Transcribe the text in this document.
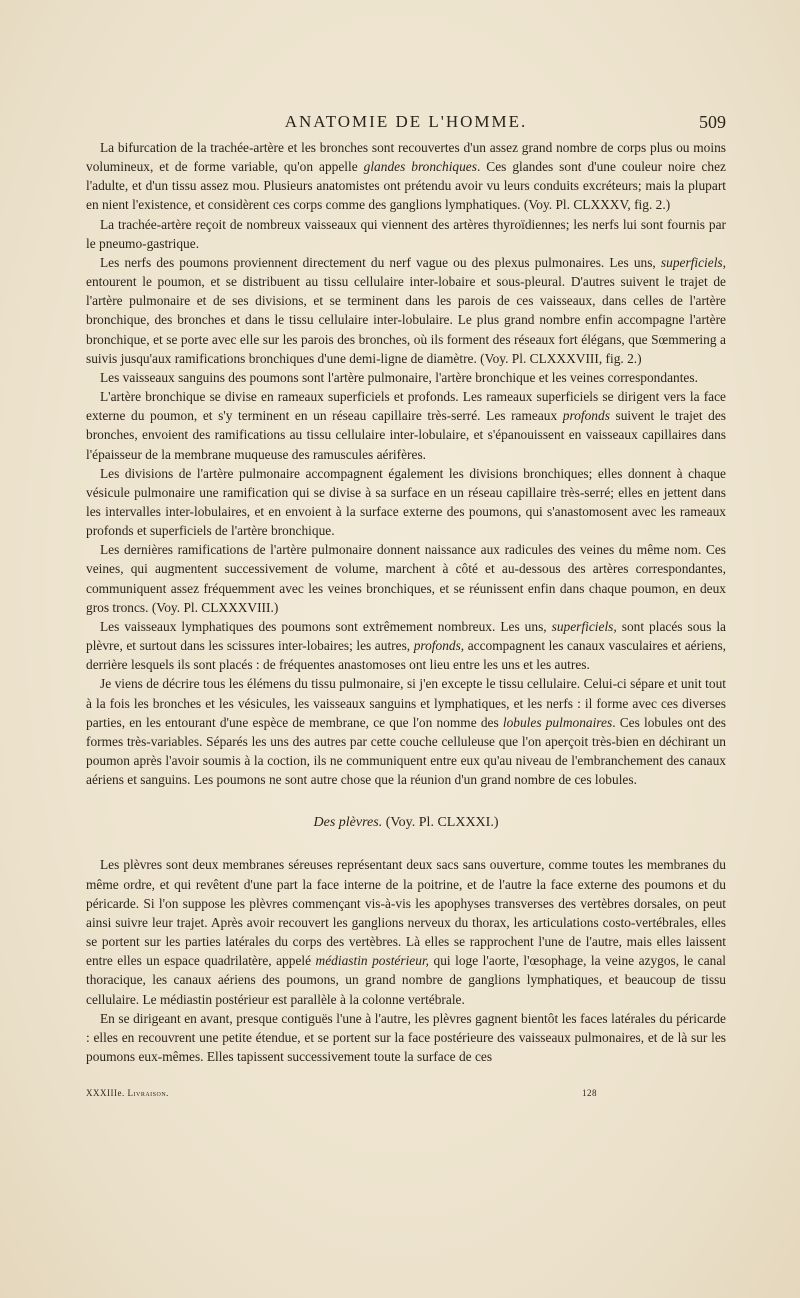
ANATOMIE DE L'HOMME.	509

La bifurcation de la trachée-artère et les bronches sont recouvertes d'un assez grand nombre de corps plus ou moins volumineux, et de forme variable, qu'on appelle glandes bronchiques. Ces glandes sont d'une couleur noire chez l'adulte, et d'un tissu assez mou. Plusieurs anatomistes ont prétendu avoir vu leurs conduits excréteurs; mais la plupart en nient l'existence, et considèrent ces corps comme des ganglions lymphatiques. (Voy. Pl. CLXXXV, fig. 2.)

La trachée-artère reçoit de nombreux vaisseaux qui viennent des artères thyroïdiennes; les nerfs lui sont fournis par le pneumo-gastrique.

Les nerfs des poumons proviennent directement du nerf vague ou des plexus pulmonaires. Les uns, superficiels, entourent le poumon, et se distribuent au tissu cellulaire inter-lobaire et sous-pleural. D'autres suivent le trajet de l'artère pulmonaire et de ses divisions, et se terminent dans les parois de ces vaisseaux, dans celles de l'artère bronchique, des bronches et dans le tissu cellulaire inter-lobulaire. Le plus grand nombre enfin accompagne l'artère bronchique, et se porte avec elle sur les parois des bronches, où ils forment des réseaux fort élégans, que Sœmmering a suivis jusqu'aux ramifications bronchiques d'une demi-ligne de diamètre. (Voy. Pl. CLXXXVIII, fig. 2.)

Les vaisseaux sanguins des poumons sont l'artère pulmonaire, l'artère bronchique et les veines correspondantes.

L'artère bronchique se divise en rameaux superficiels et profonds. Les rameaux superficiels se dirigent vers la face externe du poumon, et s'y terminent en un réseau capillaire très-serré. Les rameaux profonds suivent le trajet des bronches, envoient des ramifications au tissu cellulaire inter-lobulaire, et s'épanouissent en vaisseaux capillaires dans l'épaisseur de la membrane muqueuse des ramuscules aérifères.

Les divisions de l'artère pulmonaire accompagnent également les divisions bronchiques; elles donnent à chaque vésicule pulmonaire une ramification qui se divise à sa surface en un réseau capillaire très-serré; elles en jettent dans les intervalles inter-lobulaires, et en envoient à la surface externe des poumons, qui s'anastomosent avec les rameaux profonds et superficiels de l'artère bronchique.

Les dernières ramifications de l'artère pulmonaire donnent naissance aux radicules des veines du même nom. Ces veines, qui augmentent successivement de volume, marchent à côté et au-dessous des artères correspondantes, communiquent assez fréquemment avec les veines bronchiques, et se réunissent enfin dans chaque poumon, en deux gros troncs. (Voy. Pl. CLXXXVIII.)

Les vaisseaux lymphatiques des poumons sont extrêmement nombreux. Les uns, superficiels, sont placés sous la plèvre, et surtout dans les scissures inter-lobaires; les autres, profonds, accompagnent les canaux vasculaires et aériens, derrière lesquels ils sont placés : de fréquentes anastomoses ont lieu entre les uns et les autres.

Je viens de décrire tous les élémens du tissu pulmonaire, si j'en excepte le tissu cellulaire. Celui-ci sépare et unit tout à la fois les bronches et les vésicules, les vaisseaux sanguins et lymphatiques, et les nerfs : il forme avec ces diverses parties, en les entourant d'une espèce de membrane, ce que l'on nomme des lobules pulmonaires. Ces lobules ont des formes très-variables. Séparés les uns des autres par cette couche celluleuse que l'on aperçoit très-bien en déchirant un poumon après l'avoir soumis à la coction, ils ne communiquent entre eux qu'au niveau de l'embranchement des canaux aériens et sanguins. Les poumons ne sont autre chose que la réunion d'un grand nombre de ces lobules.

Des plèvres. (Voy. Pl. CLXXXI.)

Les plèvres sont deux membranes séreuses représentant deux sacs sans ouverture, comme toutes les membranes du même ordre, et qui revêtent d'une part la face interne de la poitrine, et de l'autre la face externe des poumons et du péricarde. Si l'on suppose les plèvres commençant vis-à-vis les apophyses transverses des vertèbres dorsales, on peut ainsi suivre leur trajet. Après avoir recouvert les ganglions nerveux du thorax, les articulations costo-vertébrales, elles se portent sur les parties latérales du corps des vertèbres. Là elles se rapprochent l'une de l'autre, mais elles laissent entre elles un espace quadrilatère, appelé médiastin postérieur, qui loge l'aorte, l'œsophage, la veine azygos, le canal thoracique, les canaux aériens des poumons, un grand nombre de ganglions lymphatiques, et beaucoup de tissu cellulaire. Le médiastin postérieur est parallèle à la colonne vertébrale.

En se dirigeant en avant, presque contiguës l'une à l'autre, les plèvres gagnent bientôt les faces latérales du péricarde : elles en recouvrent une petite étendue, et se portent sur la face postérieure des vaisseaux pulmonaires, et de là sur les poumons eux-mêmes. Elles tapissent successivement toute la surface de ces

XXXIIIe. Livraison.	128
